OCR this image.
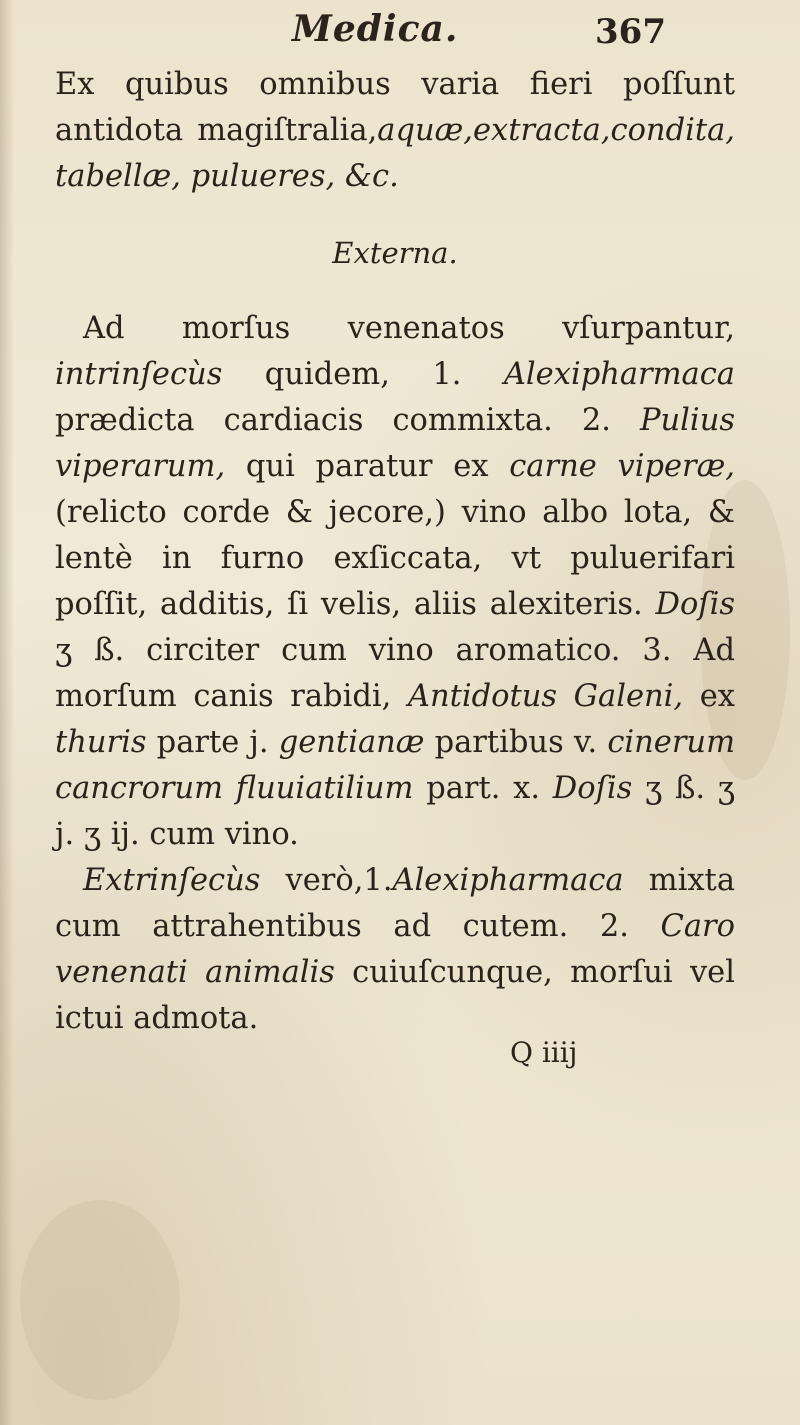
Medica.	367

Ex quibus omnibus varia fieri poſſunt antidota magiſtralia,aquæ,extracta,condita, tabellæ, pulueres, &c.

Externa.

Ad morſus venenatos vſurpantur, intrinſecùs quidem, 1. Alexipharmaca prædicta cardiacis commixta. 2. Pulius viperarum, qui paratur ex carne viperæ, (relicto corde & jecore,) vino albo lota, & lentè in furno exſiccata, vt puluerifari poſſit, additis, ſi velis, aliis alexiteris. Doſis ʒ ß. circiter cum vino aromatico. 3. Ad morſum canis rabidi, Antidotus Galeni, ex thuris parte j. gentianæ partibus v. cinerum cancrorum fluuiatilium part. x. Doſis ʒ ß. ʒ j. ʒ ij. cum vino.

Extrinſecùs verò,1.Alexipharmaca mixta cum attrahentibus ad cutem. 2. Caro venenati animalis cuiuſcunque, morſui vel ictui admota.

Q iiij
